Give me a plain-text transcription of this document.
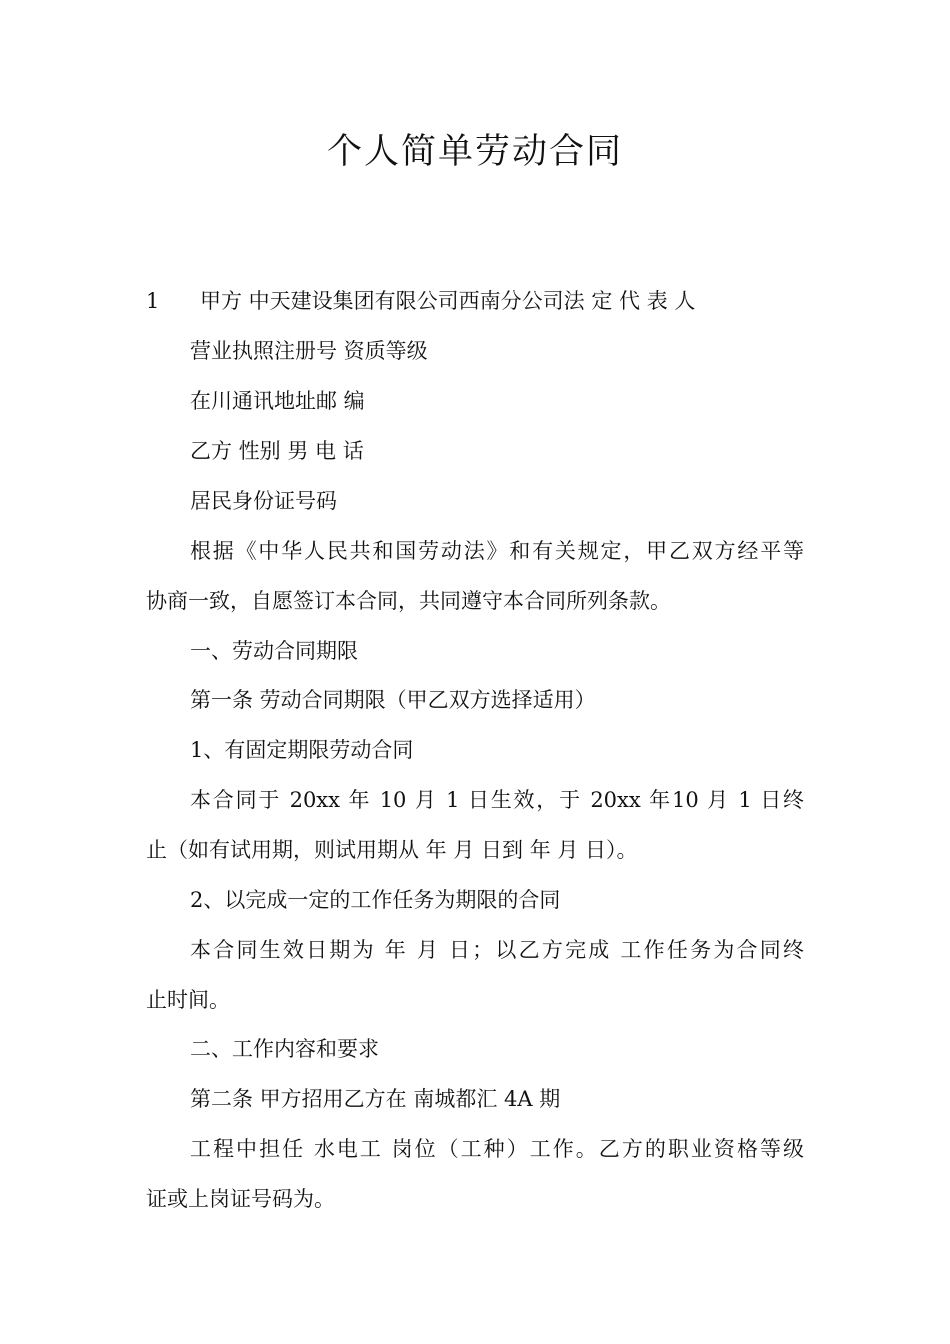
个人简单劳动合同
1 甲方 中天建设集团有限公司西南分公司法 定 代 表 人

营业执照注册号 资质等级

在川通讯地址邮 编

乙方 性别 男 电 话

居民身份证号码

根据《中华人民共和国劳动法》和有关规定，甲乙双方经平等

协商一致，自愿签订本合同，共同遵守本合同所列条款。

一、劳动合同期限

第一条 劳动合同期限（甲乙双方选择适用）

1、有固定期限劳动合同

本合同于 20xx 年 10 月 1 日生效，于 20xx 年10 月 1 日终

止（如有试用期，则试用期从 年 月 日到 年 月 日）。

2、以完成一定的工作任务为期限的合同

本合同生效日期为 年 月 日；以乙方完成 工作任务为合同终

止时间。

二、工作内容和要求

第二条 甲方招用乙方在 南城都汇 4A 期

工程中担任 水电工 岗位（工种）工作。乙方的职业资格等级

证或上岗证号码为。
